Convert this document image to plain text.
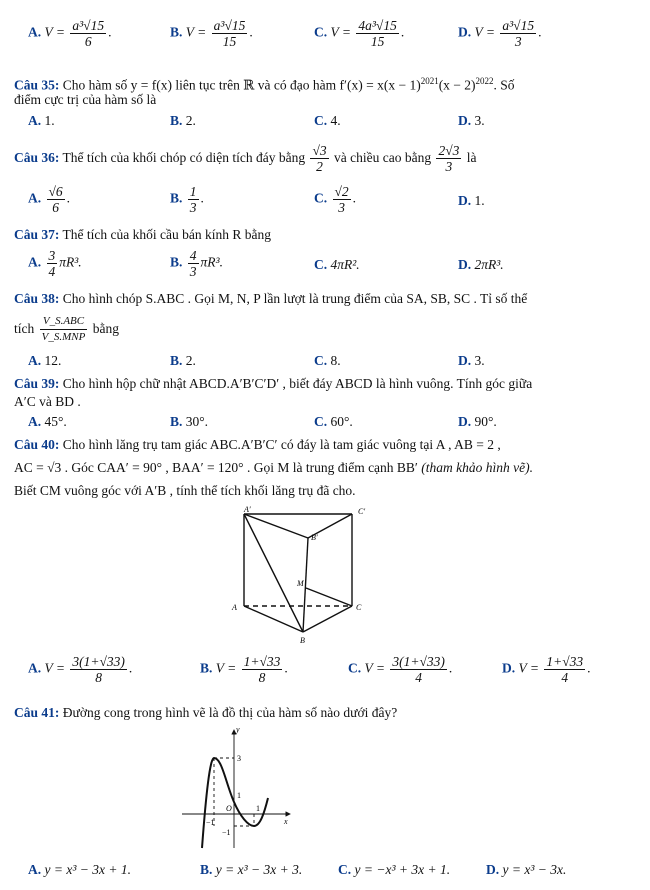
A. $V = \frac{\text{a³√15}}{6}$ .	B. $V = \frac{\text{a³√15}}{15}$ .	C. $V = \frac{\text{4a³√15}}{15}$ .	D. $V = \frac{\text{a³√15}}{3}$ .
Câu 35: Cho hàm số y = f(x) liên tục trên ℝ và có đạo hàm $f'(x) = x(x - 1)^{2021}(x - 2)^{2022}$. Số
điểm cực trị của hàm số là
A. 1.	B. 2.	C. 4.	D. 3.
Câu 36: Thể tích của khối chóp có diện tích đáy bằng $\frac{√3}{2}$ và chiều cao bằng $\frac{2√3}{3}$ là
A. $\frac{√6}{6}$ .	B. $\frac{1}{3}$ .	C. $\frac{√2}{3}$ .	D. 1.
Câu 37: Thể tích của khối cầu bán kính R bằng
A. $\frac{3}{4} \pi R^3$.	B. $\frac{4}{3} \pi R^3$.	C. 4πR².	D. 2πR³.
Câu 38: Cho hình chóp S.ABC . Gọi M, N, P lần lượt là trung điểm của SA, SB, SC . Tỉ số thể
tích $\frac{\text{V\_S.ABC}}{\text{V\_S.MNP}}$ bằng
A. 12.	B. 2.	C. 8.	D. 3.
Câu 39: Cho hình hộp chữ nhật ABCD.A′B′C′D′ , biết đáy ABCD là hình vuông. Tính góc giữa
A′C và BD .
A. 45°.	B. 30°.	C. 60°.	D. 90°.
Câu 40: Cho hình lăng trụ tam giác ABC.A′B′C′ có đáy là tam giác vuông tại A , AB = 2 ,
AC = √3 . Góc CAA′ = 90° , BAA′ = 120° . Gọi M là trung điểm cạnh BB′ (tham khảo hình vẽ).
Biết CM vuông góc với A′B , tính thể tích khối lăng trụ đã cho.
A′	C′
B′
M
A	C
B
A. $V = \frac{3(1+√33)}{8}$ .	B. $V = \frac{1+√33}{8}$ .	C. $V = \frac{3(1+√33)}{4}$ .	D. $V = \frac{1+√33}{4}$ .
Câu 41: Đường cong trong hình vẽ là đồ thị của hàm số nào dưới đây?
y
x
3
1
O	1
−1
−1
A. y = x³ − 3x + 1.	B. y = x³ − 3x + 3.	C. y = −x³ + 3x + 1.	D. y = x³ − 3x.
